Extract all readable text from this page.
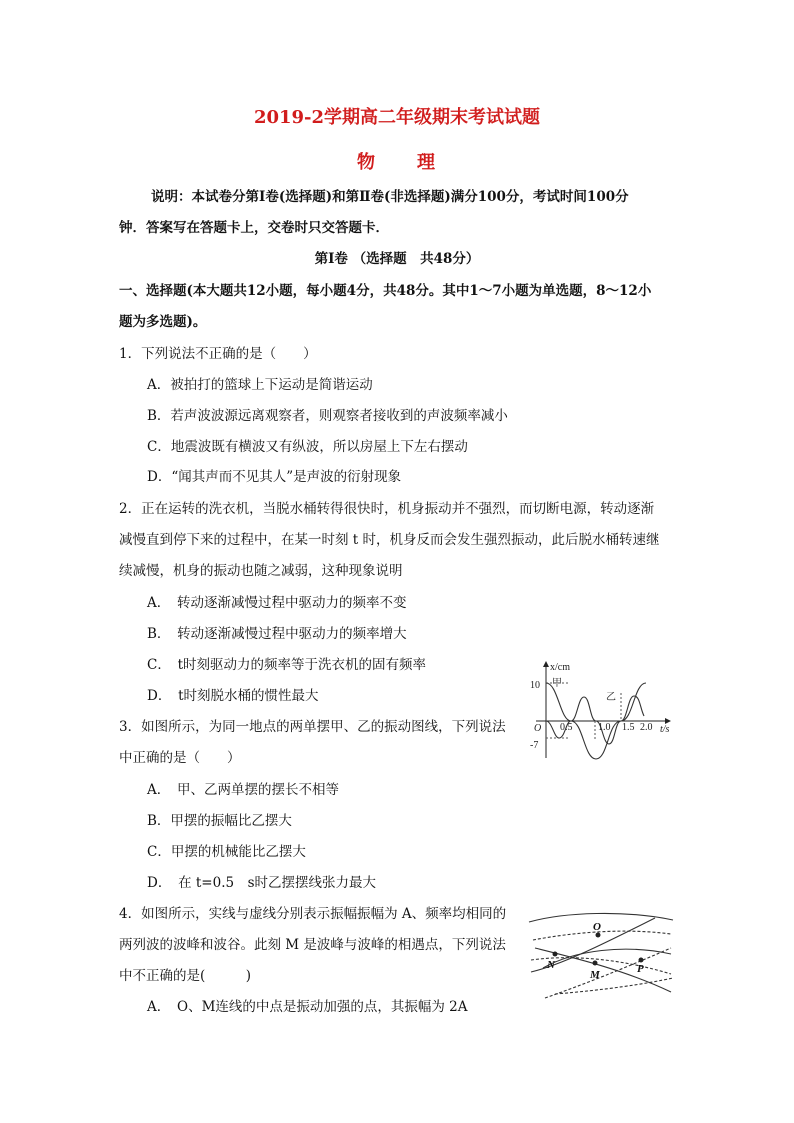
2019-2学期高二年级期末考试试题
物　　理
说明：本试卷分第Ⅰ卷(选择题)和第Ⅱ卷(非选择题)满分100分，考试时间100分
钟．答案写在答题卡上，交卷时只交答题卡．
第Ⅰ卷 （选择题　共48分）
一、选择题(本大题共12小题，每小题4分，共48分。其中1～7小题为单选题，8～12小
题为多选题)。
1．下列说法不正确的是（　　）
A．被拍打的篮球上下运动是简谐运动
B．若声波波源远离观察者，则观察者接收到的声波频率减小
C．地震波既有横波又有纵波，所以房屋上下左右摆动
D．“闻其声而不见其人”是声波的衍射现象
2．正在运转的洗衣机，当脱水桶转得很快时，机身振动并不强烈，而切断电源，转动逐渐
减慢直到停下来的过程中，在某一时刻 t 时，机身反而会发生强烈振动，此后脱水桶转速继
续减慢，机身的振动也随之减弱，这种现象说明
A．　转动逐渐减慢过程中驱动力的频率不变
B．　转动逐渐减慢过程中驱动力的频率增大
C．　t时刻驱动力的频率等于洗衣机的固有频率
D．　t时刻脱水桶的惯性最大
x/cm
10
-7
O
甲
乙
0.5	1.0 1.5 2.0 t/s
3．如图所示，为同一地点的两单摆甲、乙的振动图线，下列说法
中正确的是（　　）
A．　甲、乙两单摆的摆长不相等
B．甲摆的振幅比乙摆大
C．甲摆的机械能比乙摆大
D．　在 t=0.5　s时乙摆摆线张力最大
4．如图所示，实线与虚线分别表示振幅振幅为 A、频率均相同的
两列波的波峰和波谷。此刻 M 是波峰与波峰的相遇点，下列说法
中不正确的是(　　　)
A．　O、M连线的中点是振动加强的点，其振幅为 2A
O
N
M	P
